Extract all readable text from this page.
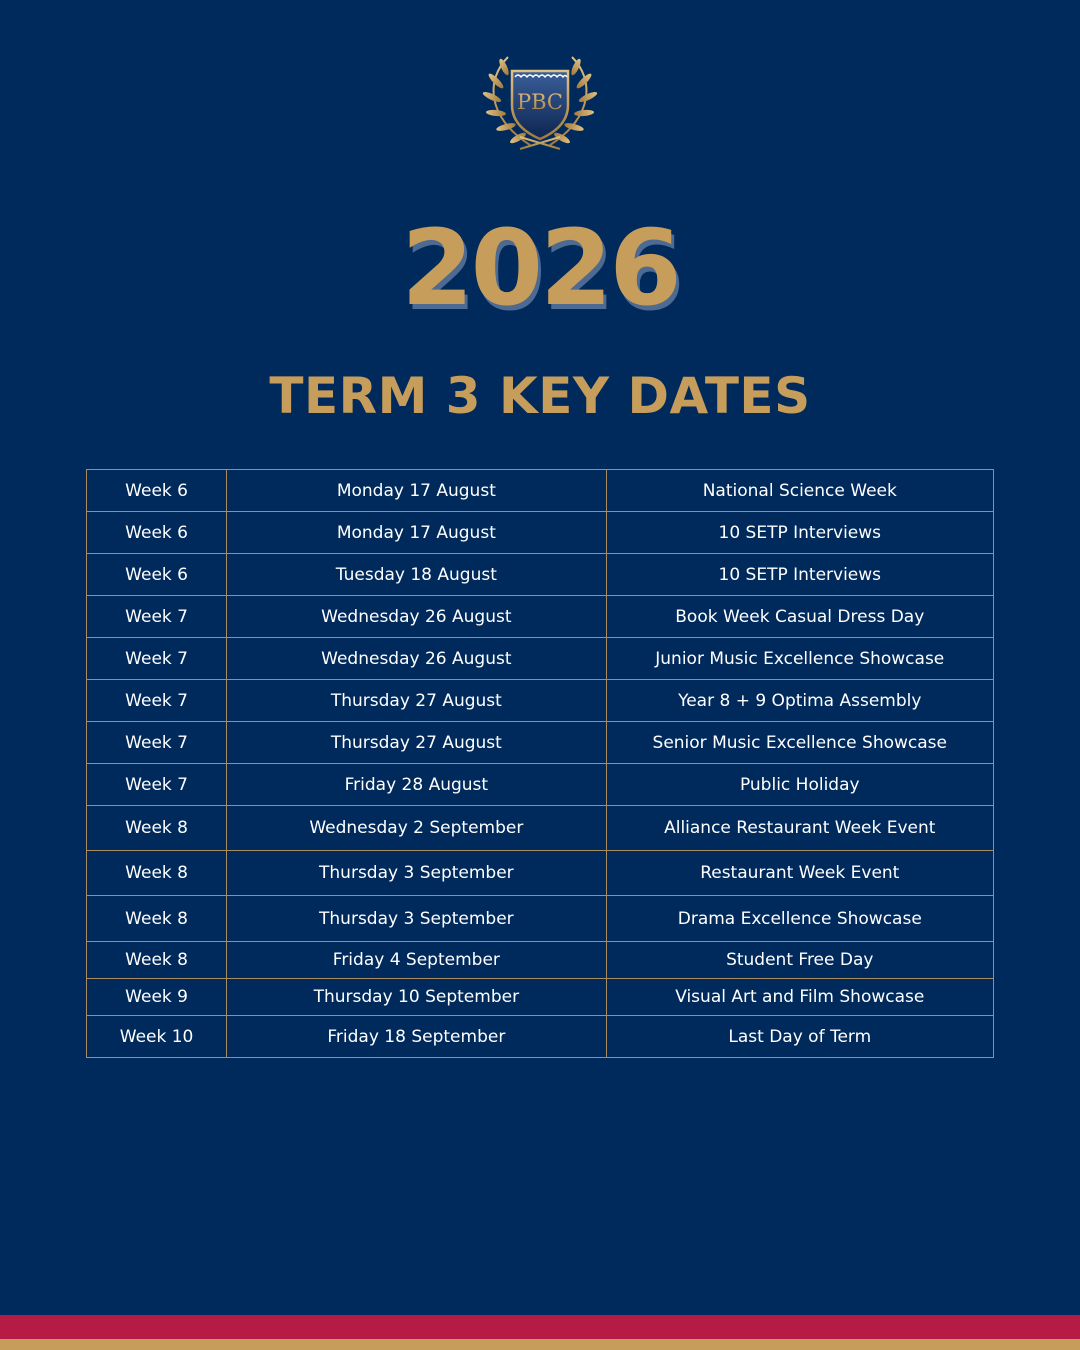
PBC
2026
TERM 3 KEY DATES
Week 6	Monday 17 August	National Science Week
Week 6	Monday 17 August	10 SETP Interviews
Week 6	Tuesday 18 August	10 SETP Interviews
Week 7	Wednesday 26 August	Book Week Casual Dress Day
Week 7	Wednesday 26 August	Junior Music Excellence Showcase
Week 7	Thursday 27 August	Year 8 + 9 Optima Assembly
Week 7	Thursday 27 August	Senior Music Excellence Showcase
Week 7	Friday 28 August	Public Holiday
Week 8	Wednesday 2 September	Alliance Restaurant Week Event
Week 8	Thursday 3 September	Restaurant Week Event
Week 8	Thursday 3 September	Drama Excellence Showcase
Week 8	Friday 4 September	Student Free Day
Week 9	Thursday 10 September	Visual Art and Film Showcase
Week 10	Friday 18 September	Last Day of Term
